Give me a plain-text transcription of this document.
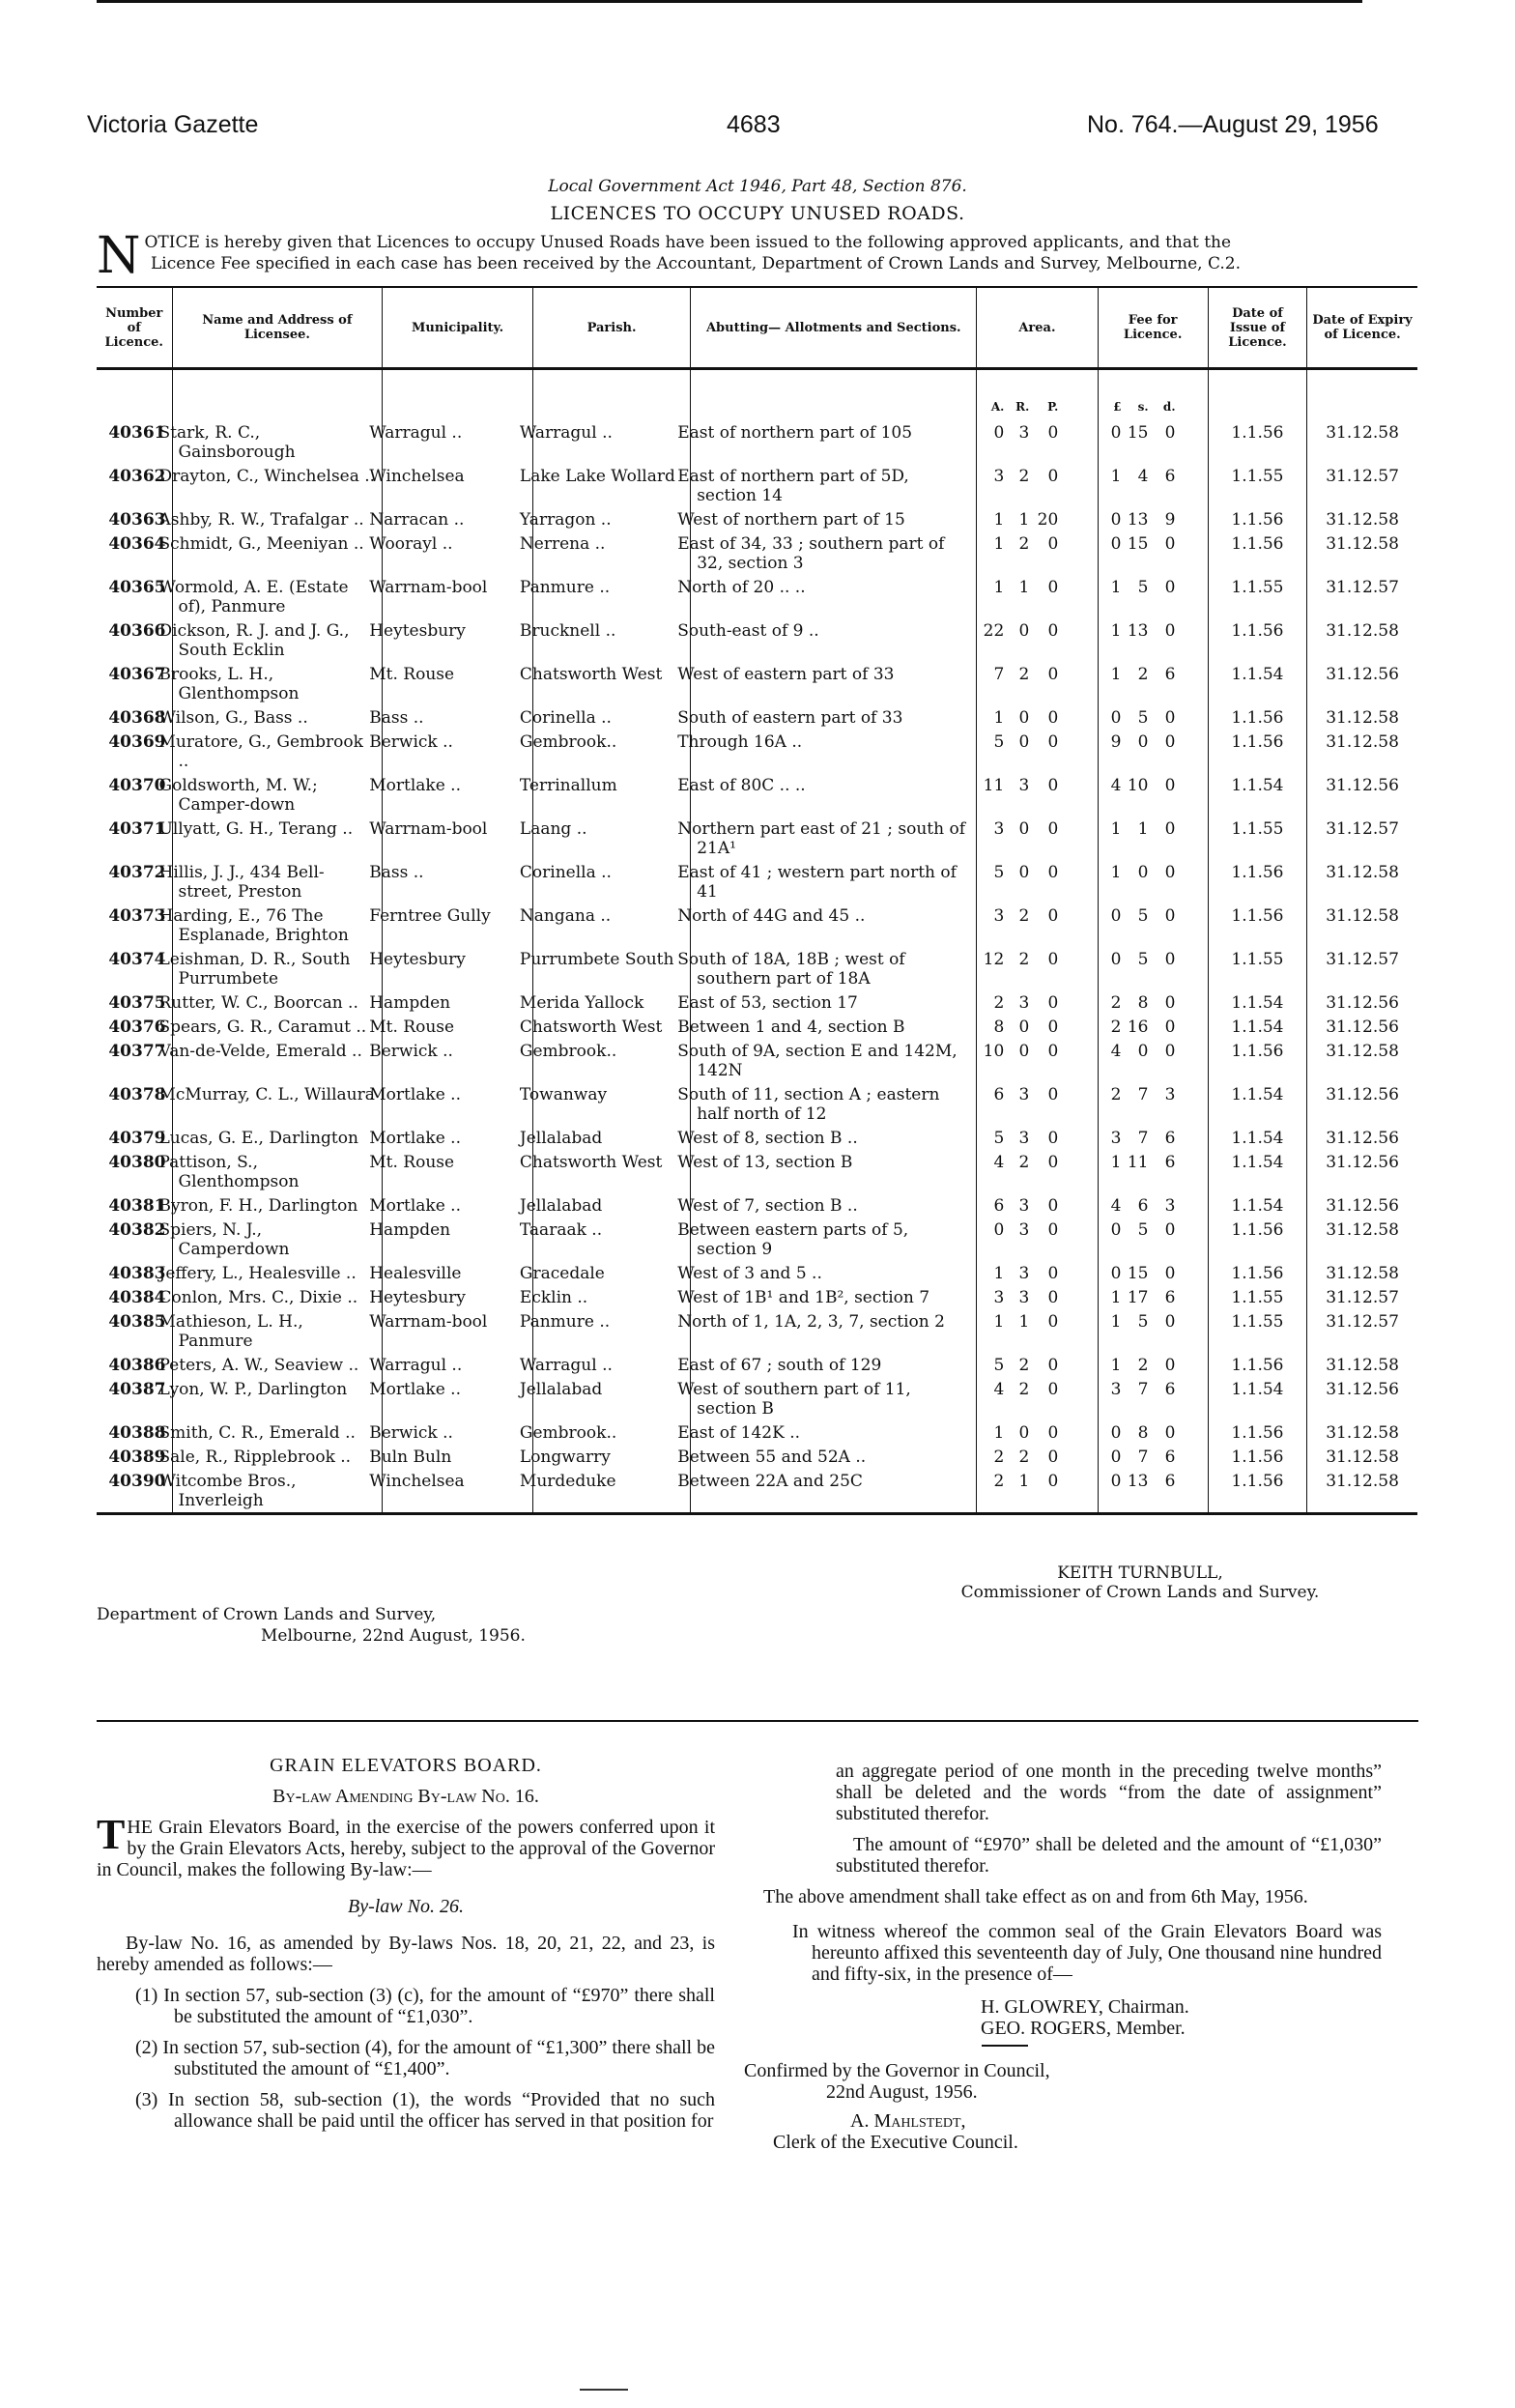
Victoria Gazette	4683	No. 764.—August 29, 1956
Local Government Act 1946, Part 48, Section 876.
LICENCES TO OCCUPY UNUSED ROADS.
N OTICE is hereby given that Licences to occupy Unused Roads have been issued to the following approved applicants, and that the

Licence Fee specified in each case has been received by the Accountant, Department of Crown Lands and Survey, Melbourne, C.2.

Number of Licence.	Name and Address of Licensee.	Municipality.	Parish.	Abutting— Allotments and Sections.	Area.	Fee for Licence.	Date of Issue of Licence.	Date of Expiry of Licence.
					A. R. P.	£ s. d.		
40361	Stark, R. C., Gainsborough	Warragul ..	Warragul ..	East of northern part of 105	0 3 0	0 15 0	1.1.56	31.12.58
40362	Drayton, C., Winchelsea ..	Winchelsea	Lake Lake Wollard	East of northern part of 5D, section 14	3 2 0	1 4 6	1.1.55	31.12.57
40363	Ashby, R. W., Trafalgar ..	Narracan ..	Yarragon ..	West of northern part of 15	1 1 20	0 13 9	1.1.56	31.12.58
40364	Schmidt, G., Meeniyan ..	Woorayl ..	Nerrena ..	East of 34, 33 ; southern part of 32, section 3	1 2 0	0 15 0	1.1.56	31.12.58
40365	Wormold, A. E. (Estate of), Panmure	Warrnam-bool	Panmure ..	North of 20 .. ..	1 1 0	1 5 0	1.1.55	31.12.57
40366	Dickson, R. J. and J. G., South Ecklin	Heytesbury	Brucknell ..	South-east of 9 ..	22 0 0	1 13 0	1.1.56	31.12.58
40367	Brooks, L. H., Glenthompson	Mt. Rouse	Chatsworth West	West of eastern part of 33	7 2 0	1 2 6	1.1.54	31.12.56
40368	Wilson, G., Bass ..	Bass ..	Corinella ..	South of eastern part of 33	1 0 0	0 5 0	1.1.56	31.12.58
40369	Muratore, G., Gembrook ..	Berwick ..	Gembrook..	Through 16A ..	5 0 0	9 0 0	1.1.56	31.12.58
40370	Goldsworth, M. W.; Camper-down	Mortlake ..	Terrinallum	East of 80C .. ..	11 3 0	4 10 0	1.1.54	31.12.56
40371	Ullyatt, G. H., Terang ..	Warrnam-bool	Laang ..	Northern part east of 21 ; south of 21A¹	3 0 0	1 1 0	1.1.55	31.12.57
40372	Hillis, J. J., 434 Bell-street, Preston	Bass ..	Corinella ..	East of 41 ; western part north of 41	5 0 0	1 0 0	1.1.56	31.12.58
40373	Harding, E., 76 The Esplanade, Brighton	Ferntree Gully	Nangana ..	North of 44G and 45 ..	3 2 0	0 5 0	1.1.56	31.12.58
40374	Leishman, D. R., South Purrumbete	Heytesbury	Purrumbete South	South of 18A, 18B ; west of southern part of 18A	12 2 0	0 5 0	1.1.55	31.12.57
40375	Rutter, W. C., Boorcan ..	Hampden	Merida Yallock	East of 53, section 17	2 3 0	2 8 0	1.1.54	31.12.56
40376	Spears, G. R., Caramut ..	Mt. Rouse	Chatsworth West	Between 1 and 4, section B	8 0 0	2 16 0	1.1.54	31.12.56
40377	Van-de-Velde, Emerald ..	Berwick ..	Gembrook..	South of 9A, section E and 142M, 142N	10 0 0	4 0 0	1.1.56	31.12.58
40378	McMurray, C. L., Willaura	Mortlake ..	Towanway	South of 11, section A ; eastern half north of 12	6 3 0	2 7 3	1.1.54	31.12.56
40379	Lucas, G. E., Darlington	Mortlake ..	Jellalabad	West of 8, section B ..	5 3 0	3 7 6	1.1.54	31.12.56
40380	Pattison, S., Glenthompson	Mt. Rouse	Chatsworth West	West of 13, section B	4 2 0	1 11 6	1.1.54	31.12.56
40381	Byron, F. H., Darlington	Mortlake ..	Jellalabad	West of 7, section B ..	6 3 0	4 6 3	1.1.54	31.12.56
40382	Spiers, N. J., Camperdown	Hampden	Taaraak ..	Between eastern parts of 5, section 9	0 3 0	0 5 0	1.1.56	31.12.58
40383	Jeffery, L., Healesville ..	Healesville	Gracedale	West of 3 and 5 ..	1 3 0	0 15 0	1.1.56	31.12.58
40384	Conlon, Mrs. C., Dixie ..	Heytesbury	Ecklin ..	West of 1B¹ and 1B², section 7	3 3 0	1 17 6	1.1.55	31.12.57
40385	Mathieson, L. H., Panmure	Warrnam-bool	Panmure ..	North of 1, 1A, 2, 3, 7, section 2	1 1 0	1 5 0	1.1.55	31.12.57
40386	Peters, A. W., Seaview ..	Warragul ..	Warragul ..	East of 67 ; south of 129	5 2 0	1 2 0	1.1.56	31.12.58
40387	Lyon, W. P., Darlington	Mortlake ..	Jellalabad	West of southern part of 11, section B	4 2 0	3 7 6	1.1.54	31.12.56
40388	Smith, C. R., Emerald ..	Berwick ..	Gembrook..	East of 142K ..	1 0 0	0 8 0	1.1.56	31.12.58
40389	Sale, R., Ripplebrook ..	Buln Buln	Longwarry	Between 55 and 52A ..	2 2 0	0 7 6	1.1.56	31.12.58
40390	Witcombe Bros., Inverleigh	Winchelsea	Murdeduke	Between 22A and 25C	2 1 0	0 13 6	1.1.56	31.12.58
KEITH TURNBULL,
Commissioner of Crown Lands and Survey.
Department of Crown Lands and Survey,
Melbourne, 22nd August, 1956.

GRAIN ELEVATORS BOARD.

By-law Amending By-law No. 16.

THE Grain Elevators Board, in the exercise of the powers conferred upon it by the Grain Elevators Acts, hereby, subject to the approval of the Governor in Council, makes the following By-law:—

By-law No. 26.

By-law No. 16, as amended by By-laws Nos. 18, 20, 21, 22, and 23, is hereby amended as follows:—

(1) In section 57, sub-section (3) (c), for the amount of “£970” there shall be substituted the amount of “£1,030”.

(2) In section 57, sub-section (4), for the amount of “£1,300” there shall be substituted the amount of “£1,400”.

(3) In section 58, sub-section (1), the words “Provided that no such allowance shall be paid until the officer has served in that position for

an aggregate period of one month in the preceding twelve months” shall be deleted and the words “from the date of assignment” substituted therefor.

The amount of “£970” shall be deleted and the amount of “£1,030” substituted therefor.

The above amendment shall take effect as on and from 6th May, 1956.

In witness whereof the common seal of the Grain Elevators Board was hereunto affixed this seventeenth day of July, One thousand nine hundred and fifty-six, in the presence of—

H. GLOWREY, Chairman.
GEO. ROGERS, Member.
Confirmed by the Governor in Council,
22nd August, 1956.
A. Mahlstedt,
Clerk of the Executive Council.
